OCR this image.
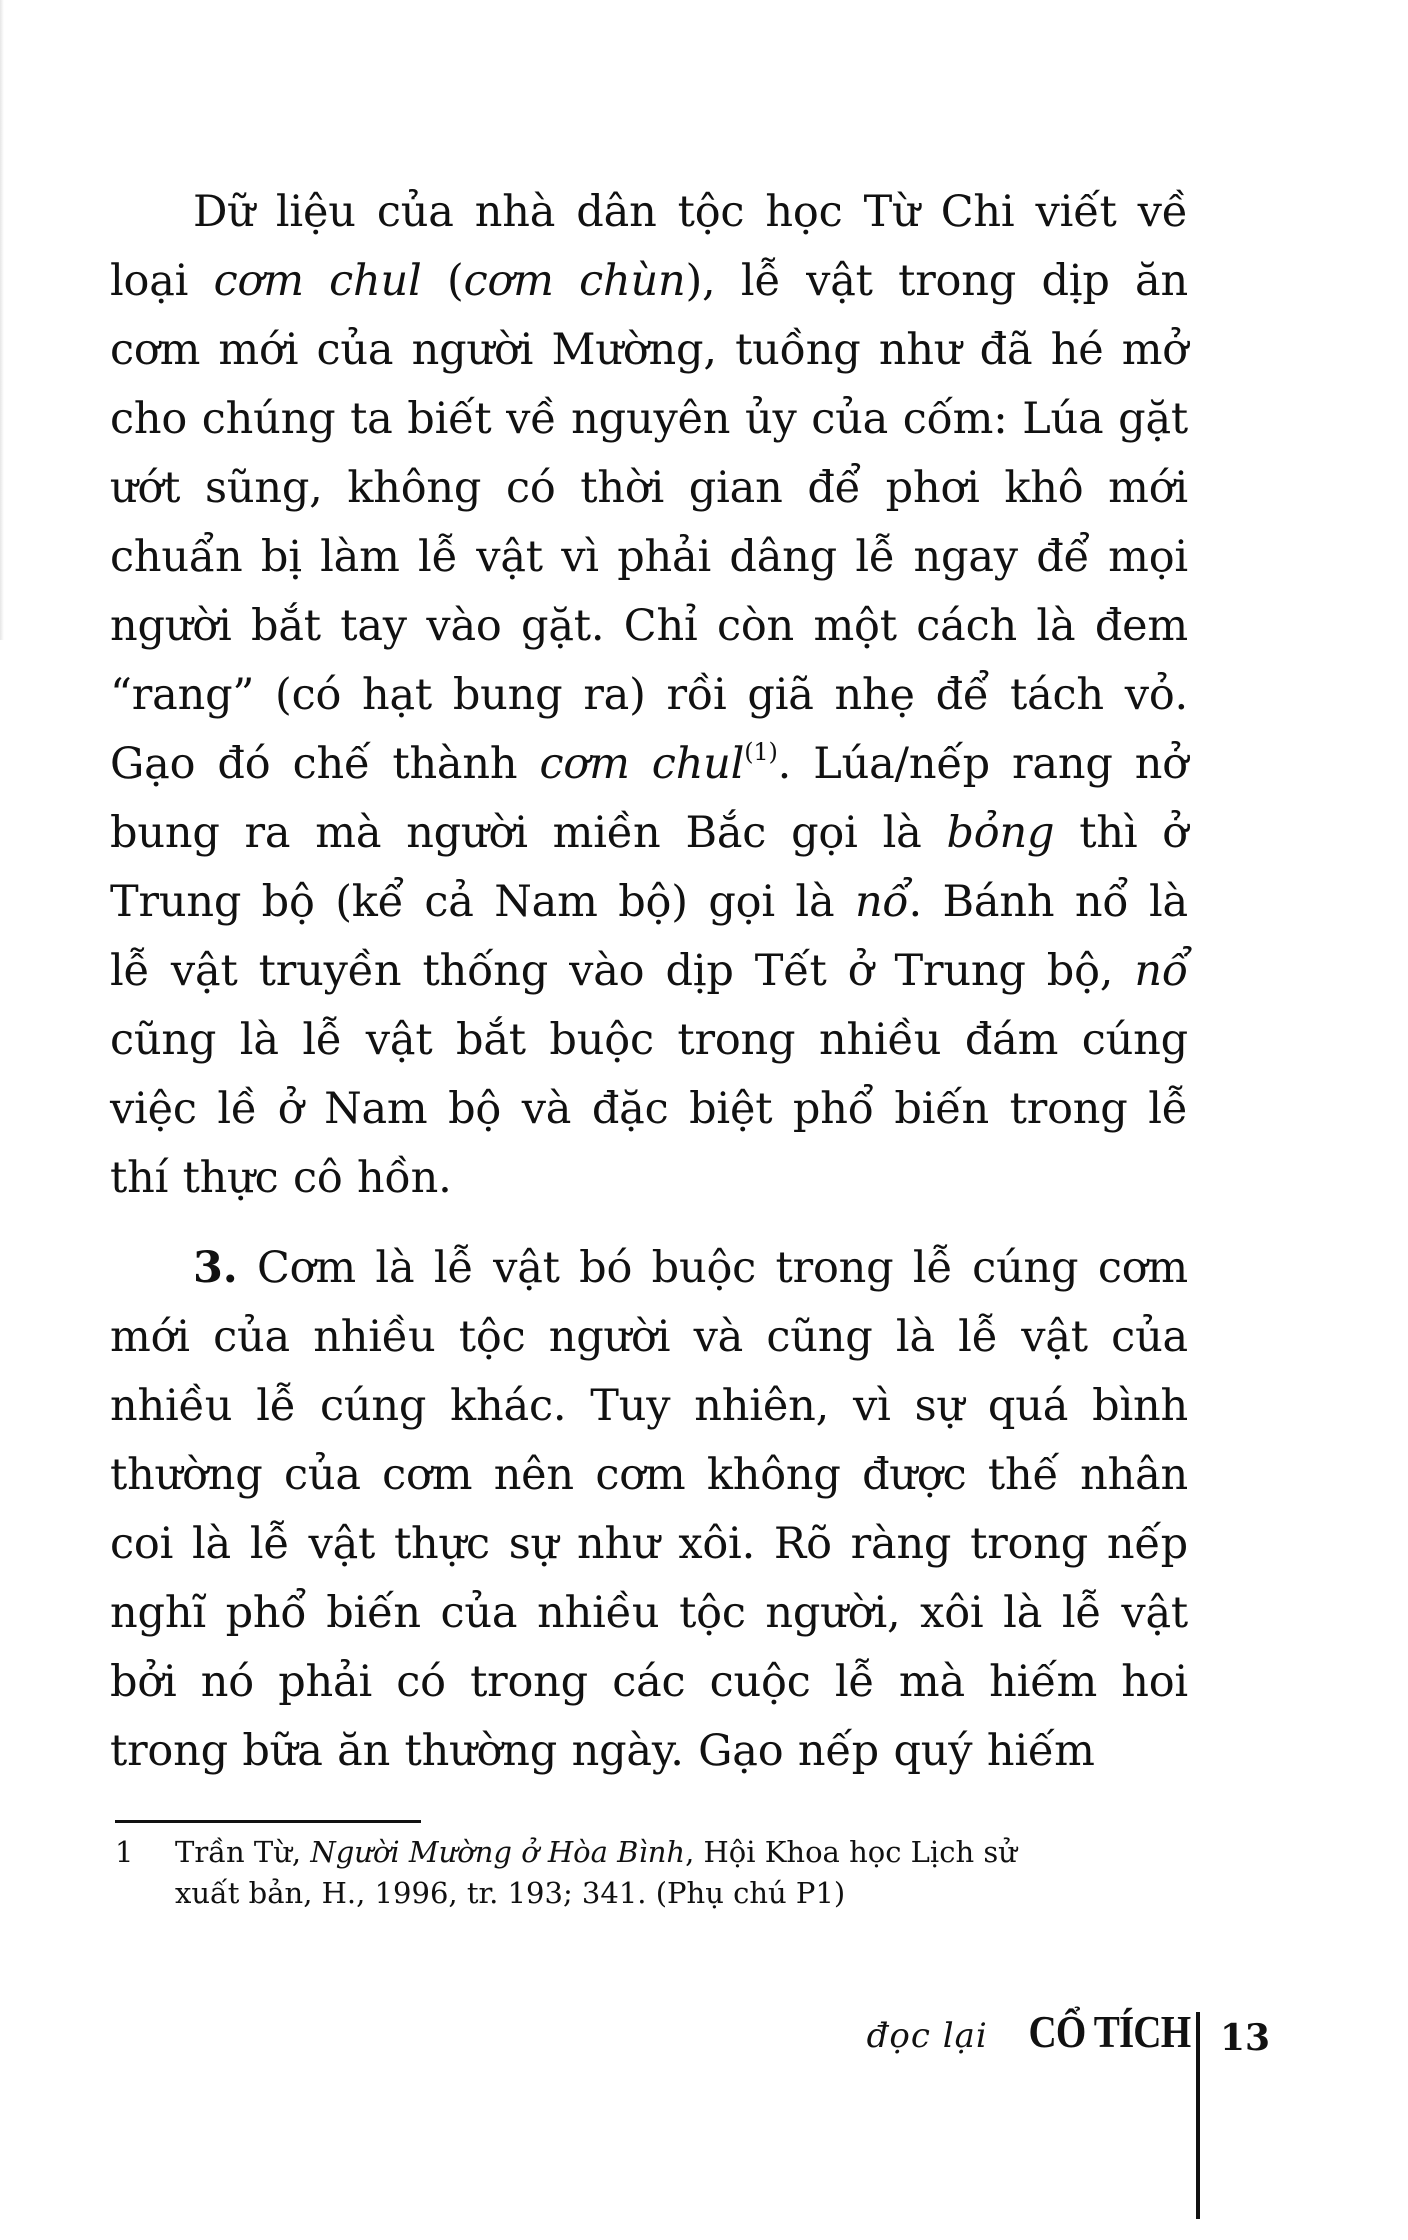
Dữ liệu của nhà dân tộc học Từ Chi viết về
loại cơm chul (cơm chùn), lễ vật trong dịp ăn
cơm mới của người Mường, tuồng như đã hé mở
cho chúng ta biết về nguyên ủy của cốm: Lúa gặt
ướt sũng, không có thời gian để phơi khô mới
chuẩn bị làm lễ vật vì phải dâng lễ ngay để mọi
người bắt tay vào gặt. Chỉ còn một cách là đem
“rang” (có hạt bung ra) rồi giã nhẹ để tách vỏ.
Gạo đó chế thành cơm chul$^{(1)}$. Lúa/nếp rang nở
bung ra mà người miền Bắc gọi là bỏng thì ở
Trung bộ (kể cả Nam bộ) gọi là nổ. Bánh nổ là
lễ vật truyền thống vào dịp Tết ở Trung bộ, nổ
cũng là lễ vật bắt buộc trong nhiều đám cúng
việc lề ở Nam bộ và đặc biệt phổ biến trong lễ
thí thực cô hồn.
3. Cơm là lễ vật bó buộc trong lễ cúng cơm
mới của nhiều tộc người và cũng là lễ vật của
nhiều lễ cúng khác. Tuy nhiên, vì sự quá bình
thường của cơm nên cơm không được thế nhân
coi là lễ vật thực sự như xôi. Rõ ràng trong nếp
nghĩ phổ biến của nhiều tộc người, xôi là lễ vật
bởi nó phải có trong các cuộc lễ mà hiếm hoi
trong bữa ăn thường ngày. Gạo nếp quý hiếm
1	Trần Từ, Người Mường ở Hòa Bình, Hội Khoa học Lịch sử
xuất bản, H., 1996, tr. 193; 341. (Phụ chú P1)
đọc lại CỔ TÍCH 13
